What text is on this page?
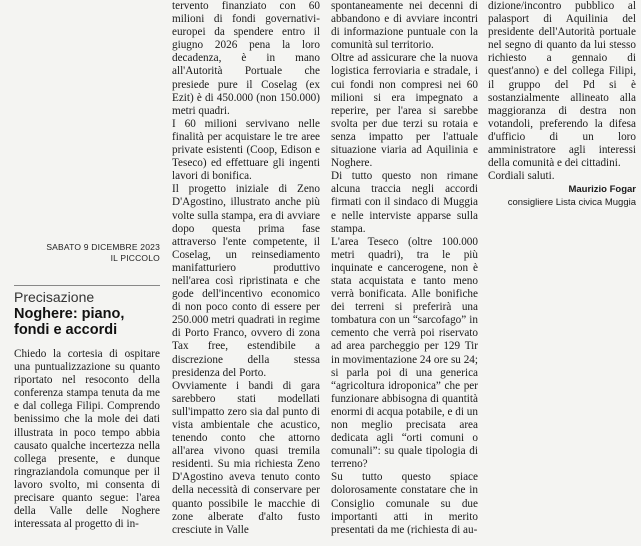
SABATO 9 DICEMBRE 2023
IL PICCOLO
Precisazione
Noghere: piano, fondi e accordi

Chiedo la cortesia di ospitare una puntualizzazione su quanto riportato nel resoconto della conferenza stampa tenuta da me e dal collega Filipi. Comprendo benissimo che la mole dei dati illustrata in poco tempo abbia causato qualche incertezza nella collega presente, e dunque ringraziandola comunque per il lavoro svolto, mi consenta di precisare quanto segue: l'area della Valle delle Noghere interessata al progetto di in-

tervento finanziato con 60 milioni di fondi governativi-europei da spendere entro il giugno 2026 pena la loro decadenza, è in mano all'Autorità Portuale che presiede pure il Coselag (ex Ezit) è di 450.000 (non 150.000) metri quadri.

I 60 milioni servivano nelle finalità per acquistare le tre aree private esistenti (Coop, Edison e Teseco) ed effettuare gli ingenti lavori di bonifica.

Il progetto iniziale di Zeno D'Agostino, illustrato anche più volte sulla stampa, era di avviare dopo questa prima fase attraverso l'ente competente, il Coselag, un reinsediamento manifatturiero produttivo nell'area così ripristinata e che gode dell'incentivo economico di non poco conto di essere per 250.000 metri quadrati in regime di Porto Franco, ovvero di zona Tax free, estendibile a discrezione della stessa presidenza del Porto.

Ovviamente i bandi di gara sarebbero stati modellati sull'impatto zero sia dal punto di vista ambientale che acustico, tenendo conto che attorno all'area vivono quasi tremila residenti. Su mia richiesta Zeno D'Agostino aveva tenuto conto della necessità di conservare per quanto possibile le macchie di zone alberate d'alto fusto cresciute in Valle

spontaneamente nei decenni di abbandono e di avviare incontri di informazione puntuale con la comunità sul territorio.

Oltre ad assicurare che la nuova logistica ferroviaria e stradale, i cui fondi non compresi nei 60 milioni si era impegnato a reperire, per l'area si sarebbe svolta per due terzi su rotaia e senza impatto per l'attuale situazione viaria ad Aquilinia e Noghere.

Di tutto questo non rimane alcuna traccia negli accordi firmati con il sindaco di Muggia e nelle interviste apparse sulla stampa.

L'area Teseco (oltre 100.000 metri quadri), tra le più inquinate e cancerogene, non è stata acquistata e tanto meno verrà bonificata. Alle bonifiche dei terreni si preferirà una tombatura con un “sarcofago” in cemento che verrà poi riservato ad area parcheggio per 129 Tir in movimentazione 24 ore su 24; si parla poi di una generica “agricoltura idroponica” che per funzionare abbisogna di quantità enormi di acqua potabile, e di un non meglio precisata area dedicata agli “orti comuni o comunali”: su quale tipologia di terreno?

Su tutto questo spiace dolorosamente constatare che in Consiglio comunale su due importanti atti in merito presentati da me (richiesta di au-

dizione/incontro pubblico al palasport di Aquilinia del presidente dell'Autorità portuale nel segno di quanto da lui stesso richiesto a gennaio di quest'anno) e del collega Filipi, il gruppo del Pd si è sostanzialmente allineato alla maggioranza di destra non votandoli, preferendo la difesa d'ufficio di un loro amministratore agli interessi della comunità e dei cittadini.

Cordiali saluti.

Maurizio Fogar
consigliere Lista civica Muggia
